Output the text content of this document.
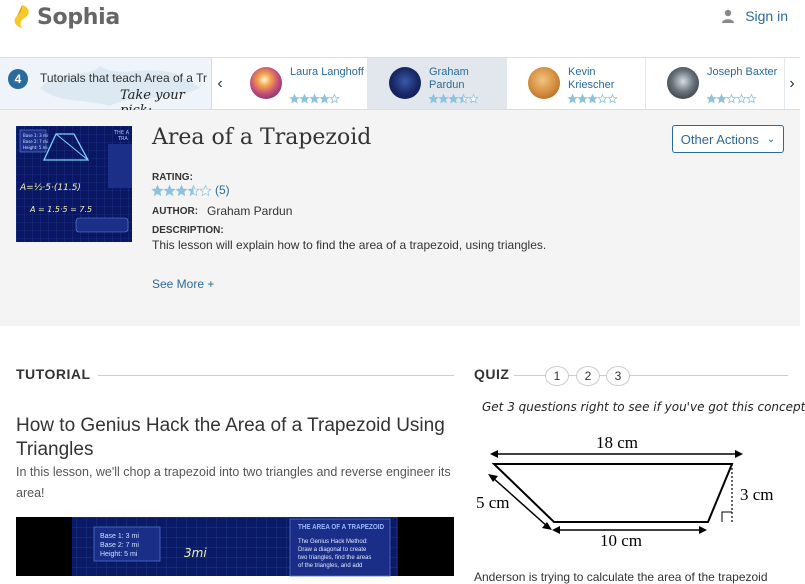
Sophia	Sign in
4	Tutorials that teach Area of a Tr
Take your
‹
Laura Langhoff	Graham Pardun
Kevin Kriescher
Joseph Baxter
›
Base 1: 3 mi
Base 2: 7 mi
Height: 5 mi
THE A
TRA
A=½·5·(11.5)
A = 1.5·5 = 7.5
Area of a Trapezoid	Other Actions ⌄
RATING:
(5)
AUTHOR: Graham Pardun
DESCRIPTION:
This lesson will explain how to find the area of a trapezoid, using triangles.
See More +
TUTORIAL
How to Genius Hack the Area of a Trapezoid Using Triangles
In this lesson, we'll chop a trapezoid into two triangles and reverse engineer its area!
Base 1: 3 mi
Base 2: 7 mi
Height: 5 mi	3mi
THE AREA OF A TRAPEZOID
The Genius Hack Method:
Draw a diagonal to create
two triangles, find the areas
of the triangles, and add
QUIZ	1	2	3
Get 3 questions right to see if you've got this concept
18 cm
5 cm	3 cm
10 cm
Anderson is trying to calculate the area of the trapezoid
